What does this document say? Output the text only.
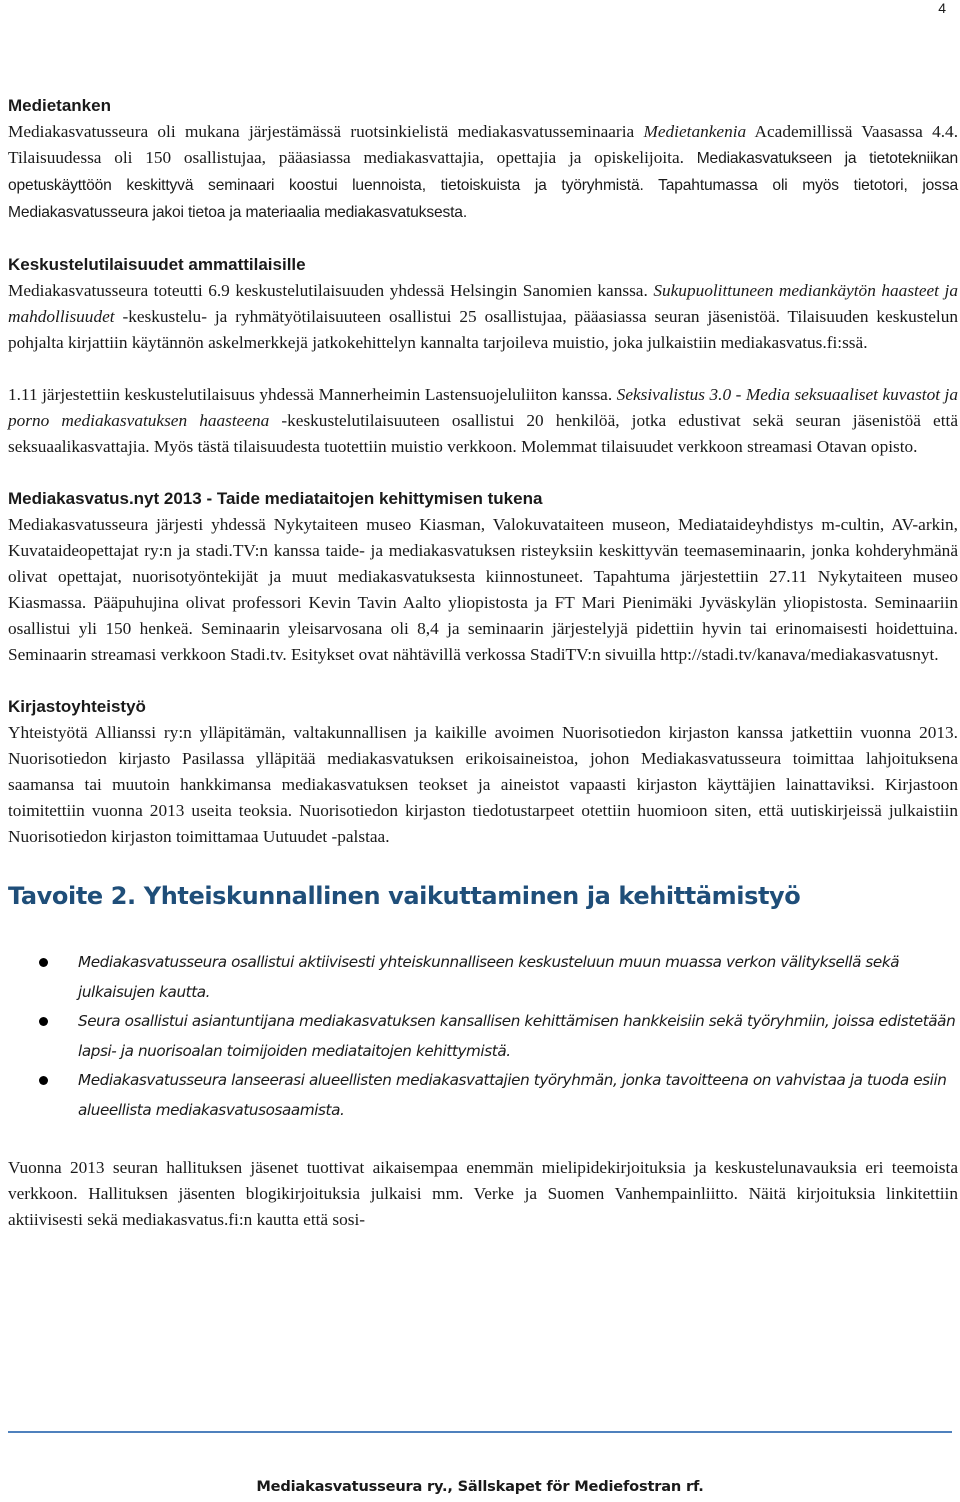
4
Medietanken

Mediakasvatusseura oli mukana järjestämässä ruotsinkielistä mediakasvatusseminaaria Medietankenia Academillissä Vaasassa 4.4. Tilaisuudessa oli 150 osallistujaa, pääasiassa mediakasvattajia, opettajia ja opiskelijoita. Mediakasvatukseen ja tietotekniikan opetuskäyttöön keskittyvä seminaari koostui luennoista, tietoiskuista ja työryhmistä. Tapahtumassa oli myös tietotori, jossa Mediakasvatusseura jakoi tietoa ja materiaalia mediakasvatuksesta.

Keskustelutilaisuudet ammattilaisille

Mediakasvatusseura toteutti 6.9 keskustelutilaisuuden yhdessä Helsingin Sanomien kanssa. Sukupuolittuneen mediankäytön haasteet ja mahdollisuudet -keskustelu- ja ryhmätyötilaisuuteen osallistui 25 osallistujaa, pääasiassa seuran jäsenistöä. Tilaisuuden keskustelun pohjalta kirjattiin käytännön askelmerkkejä jatkokehittelyn kannalta tarjoileva muistio, joka julkaistiin mediakasvatus.fi:ssä.

1.11 järjestettiin keskustelutilaisuus yhdessä Mannerheimin Lastensuojeluliiton kanssa. Seksivalistus 3.0 - Media seksuaaliset kuvastot ja porno mediakasvatuksen haasteena -keskustelutilaisuuteen osallistui 20 henkilöä, jotka edustivat sekä seuran jäsenistöä että seksuaalikasvattajia. Myös tästä tilaisuudesta tuotettiin muistio verkkoon. Molemmat tilaisuudet verkkoon streamasi Otavan opisto.

Mediakasvatus.nyt 2013 - Taide mediataitojen kehittymisen tukena

Mediakasvatusseura järjesti yhdessä Nykytaiteen museo Kiasman, Valokuvataiteen museon, Mediataideyhdistys m-cultin, AV-arkin, Kuvataideopettajat ry:n ja stadi.TV:n kanssa taide- ja mediakasvatuksen risteyksiin keskittyvän teemaseminaarin, jonka kohderyhmänä olivat opettajat, nuorisotyöntekijät ja muut mediakasvatuksesta kiinnostuneet. Tapahtuma järjestettiin 27.11 Nykytaiteen museo Kiasmassa. Pääpuhujina olivat professori Kevin Tavin Aalto yliopistosta ja FT Mari Pienimäki Jyväskylän yliopistosta. Seminaariin osallistui yli 150 henkeä. Seminaarin yleisarvosana oli 8,4 ja seminaarin järjestelyjä pidettiin hyvin tai erinomaisesti hoidettuina. Seminaarin streamasi verkkoon Stadi.tv. Esitykset ovat nähtävillä verkossa StadiTV:n sivuilla http://stadi.tv/kanava/mediakasvatusnyt.

Kirjastoyhteistyö

Yhteistyötä Allianssi ry:n ylläpitämän, valtakunnallisen ja kaikille avoimen Nuorisotiedon kirjaston kanssa jatkettiin vuonna 2013. Nuorisotiedon kirjasto Pasilassa ylläpitää mediakasvatuksen erikoisaineistoa, johon Mediakasvatusseura toimittaa lahjoituksena saamansa tai muutoin hankkimansa mediakasvatuksen teokset ja aineistot vapaasti kirjaston käyttäjien lainattaviksi. Kirjastoon toimitettiin vuonna 2013 useita teoksia. Nuorisotiedon kirjaston tiedotustarpeet otettiin huomioon siten, että uutiskirjeissä julkaistiin Nuorisotiedon kirjaston toimittamaa Uutuudet -palstaa.

Tavoite 2. Yhteiskunnallinen vaikuttaminen ja kehittämistyö
Mediakasvatusseura osallistui aktiivisesti yhteiskunnalliseen keskusteluun muun muassa verkon välityksellä sekä julkaisujen kautta.
Seura osallistui asiantuntijana mediakasvatuksen kansallisen kehittämisen hankkeisiin sekä työryhmiin, joissa edistetään lapsi- ja nuorisoalan toimijoiden mediataitojen kehittymistä.
Mediakasvatusseura lanseerasi alueellisten mediakasvattajien työryhmän, jonka tavoitteena on vahvistaa ja tuoda esiin alueellista mediakasvatusosaamista.

Vuonna 2013 seuran hallituksen jäsenet tuottivat aikaisempaa enemmän mielipidekirjoituksia ja keskustelunavauksia eri teemoista verkkoon. Hallituksen jäsenten blogikirjoituksia julkaisi mm. Verke ja Suomen Vanhempainliitto. Näitä kirjoituksia linkitettiin aktiivisesti sekä mediakasvatus.fi:n kautta että sosi-

Mediakasvatusseura ry., Sällskapet för Mediefostran rf.
